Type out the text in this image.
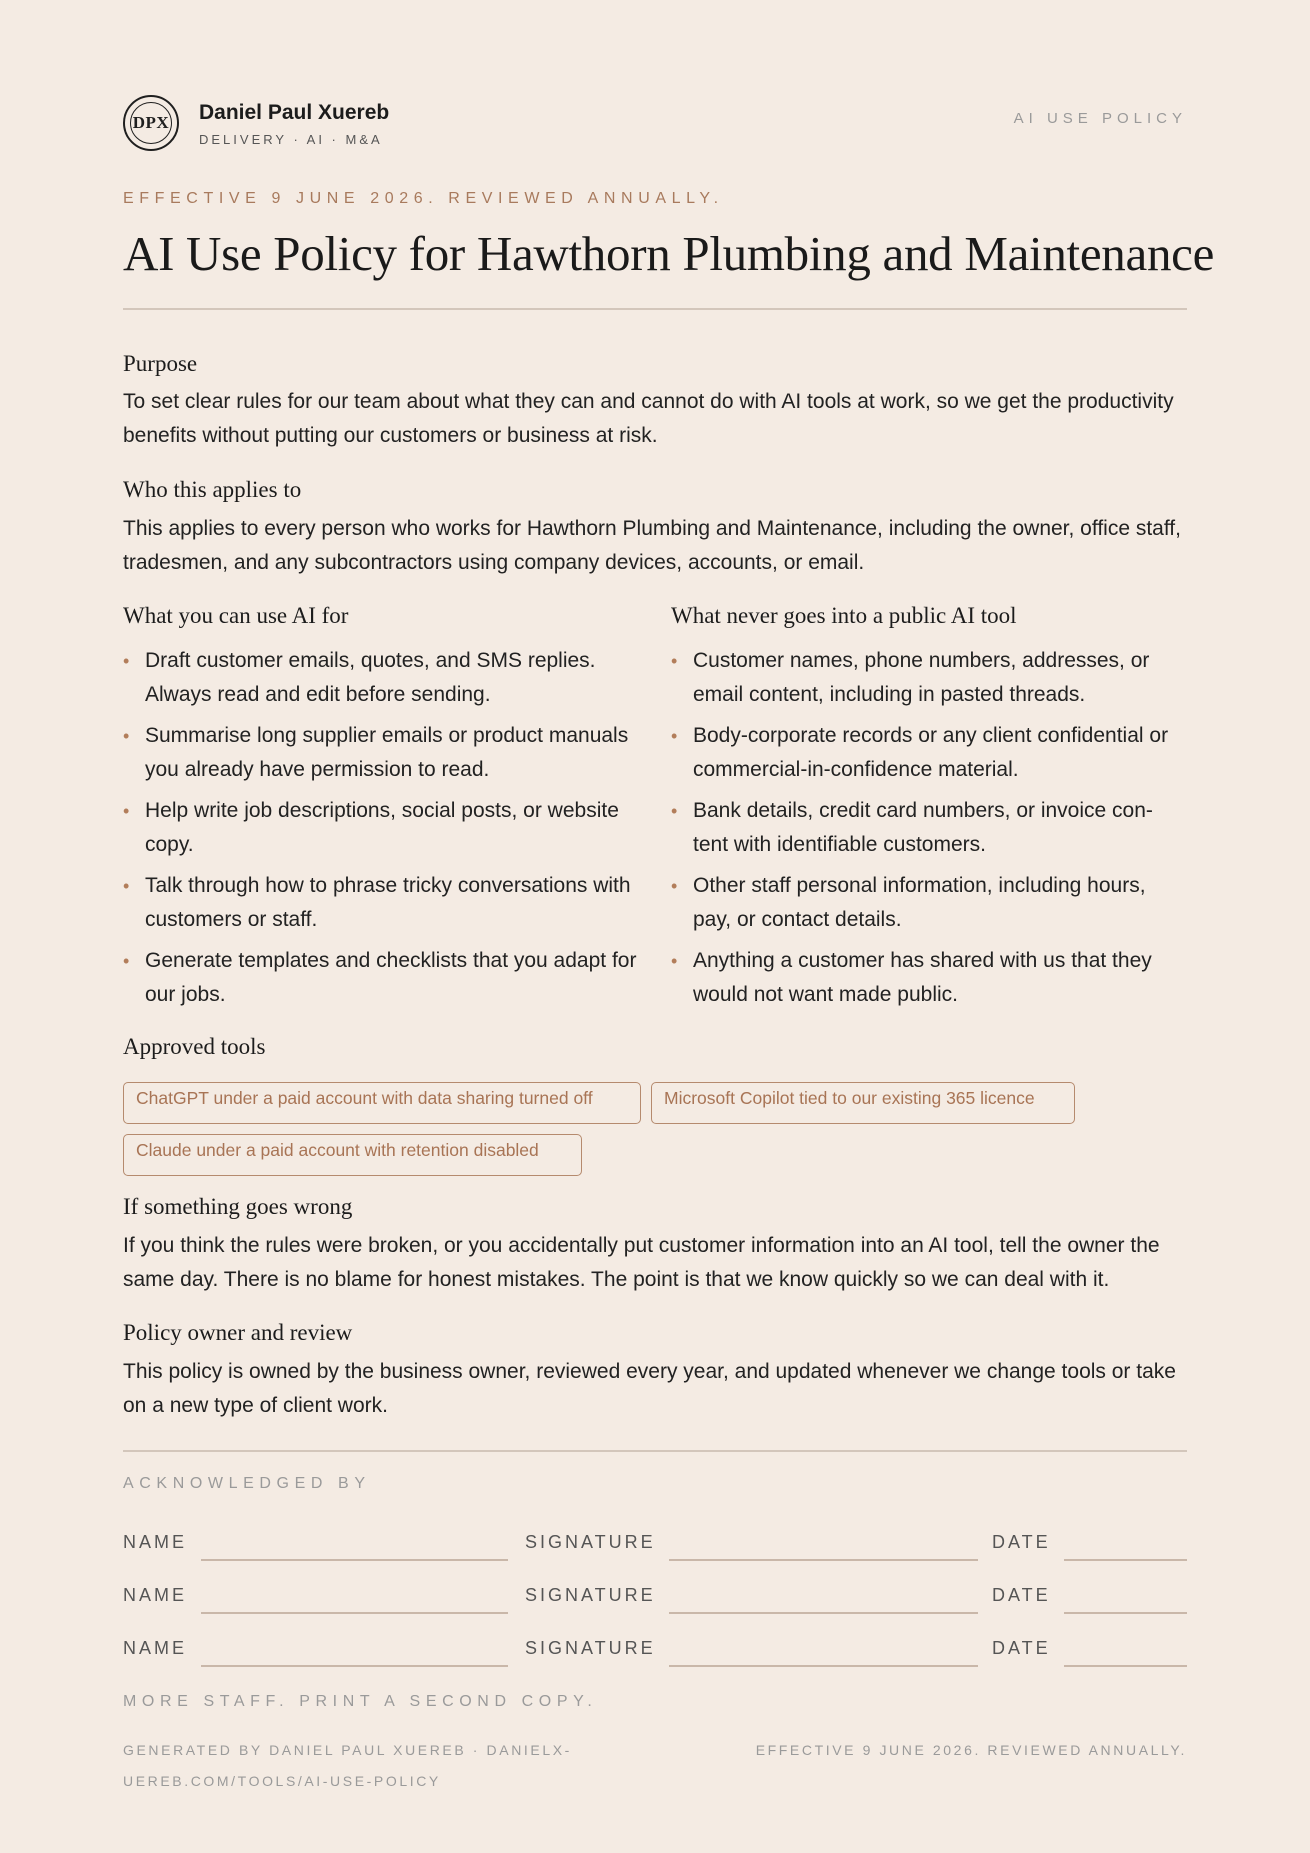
DPX Daniel Paul Xuereb
DELIVERY · AI · M&A
AI USE POLICY
EFFECTIVE 9 JUNE 2026. REVIEWED ANNUALLY.
AI Use Policy for Hawthorn Plumbing and Maintenance
Purpose

To set clear rules for our team about what they can and cannot do with AI tools at work, so we get the productivity benefits without putting our customers or business at risk.

Who this applies to

This applies to every person who works for Hawthorn Plumbing and Maintenance, including the owner, office staff, tradesmen, and any subcontractors using company devices, accounts, or email.

What you can use AI for	What never goes into a public AI tool
• Draft customer emails, quotes, and SMS replies. Always read and edit before sending.
• Summarise long supplier emails or product manuals you already have permission to read.
• Help write job descriptions, social posts, or website copy.
• Talk through how to phrase tricky conversations with customers or staff.
• Generate templates and checklists that you adapt for our jobs.
• Customer names, phone numbers, addresses, or email content, including in pasted threads.
• Body-corporate records or any client confidential or commercial-in-confidence material.
• Bank details, credit card numbers, or invoice con-tent with identifiable customers.
• Other staff personal information, including hours, pay, or contact details.
• Anything a customer has shared with us that they would not want made public.
Approved tools
ChatGPT under a paid account with data sharing turned off	Microsoft Copilot tied to our existing 365 licence
Claude under a paid account with retention disabled
If something goes wrong

If you think the rules were broken, or you accidentally put customer information into an AI tool, tell the owner the same day. There is no blame for honest mistakes. The point is that we know quickly so we can deal with it.

Policy owner and review

This policy is owned by the business owner, reviewed every year, and updated whenever we change tools or take on a new type of client work.

ACKNOWLEDGED BY
NAME	SIGNATURE	DATE
NAME	SIGNATURE	DATE
NAME	SIGNATURE	DATE
MORE STAFF. PRINT A SECOND COPY.
GENERATED BY DANIEL PAUL XUEREB · DANIELX-UEREB.COM/TOOLS/AI-USE-POLICY
EFFECTIVE 9 JUNE 2026. REVIEWED ANNUALLY.
